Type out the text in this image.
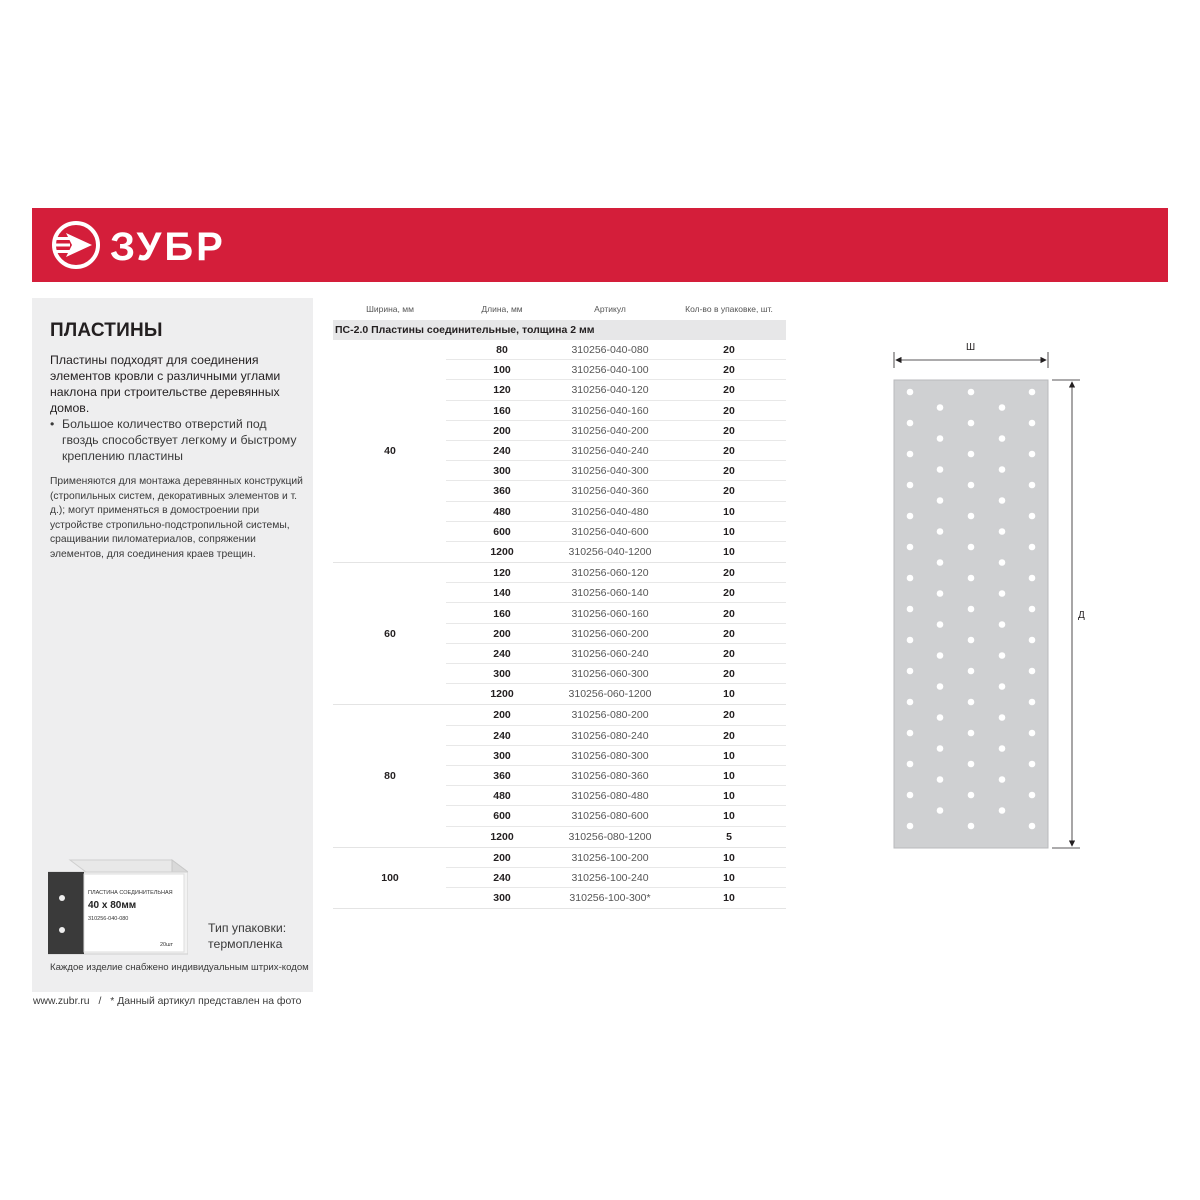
ЗУБР
ПЛАСТИНЫ
Пластины подходят для соединения элементов кровли с различными углами наклона при строительстве деревянных домов.
• Большое количество отверстий под гвоздь способствует легкому и быстрому креплению пластины
Применяются для монтажа деревянных конструкций (стропильных систем, декоративных элементов и т. д.); могут применяться в домостроении при устройстве стропильно-подстропильной системы, сращивании пиломатериалов, сопряжении элементов, для соединения краев трещин.
ПЛАСТИНА СОЕДИНИТЕЛЬНАЯ
40 х 80мм
310256-040-080
20шт
Тип упаковки:
термопленка
Каждое изделие снабжено индивидуальным штрих-кодом
www.zubr.ru / * Данный артикул представлен на фото
Ширина, мм	Длина, мм	Артикул	Кол-во в упаковке, шт.
ПС-2.0 Пластины соединительные, толщина 2 мм
40
80	310256-040-080	20
100	310256-040-100	20
120	310256-040-120	20
160	310256-040-160	20
200	310256-040-200	20
240	310256-040-240	20
300	310256-040-300	20
360	310256-040-360	20
480	310256-040-480	10
600	310256-040-600	10
1200	310256-040-1200	10
60
120	310256-060-120	20
140	310256-060-140	20
160	310256-060-160	20
200	310256-060-200	20
240	310256-060-240	20
300	310256-060-300	20
1200	310256-060-1200	10
80
200	310256-080-200	20
240	310256-080-240	20
300	310256-080-300	10
360	310256-080-360	10
480	310256-080-480	10
600	310256-080-600	10
1200	310256-080-1200	5
100
200	310256-100-200	10
240	310256-100-240	10
300	310256-100-300*	10
Ш
Д
